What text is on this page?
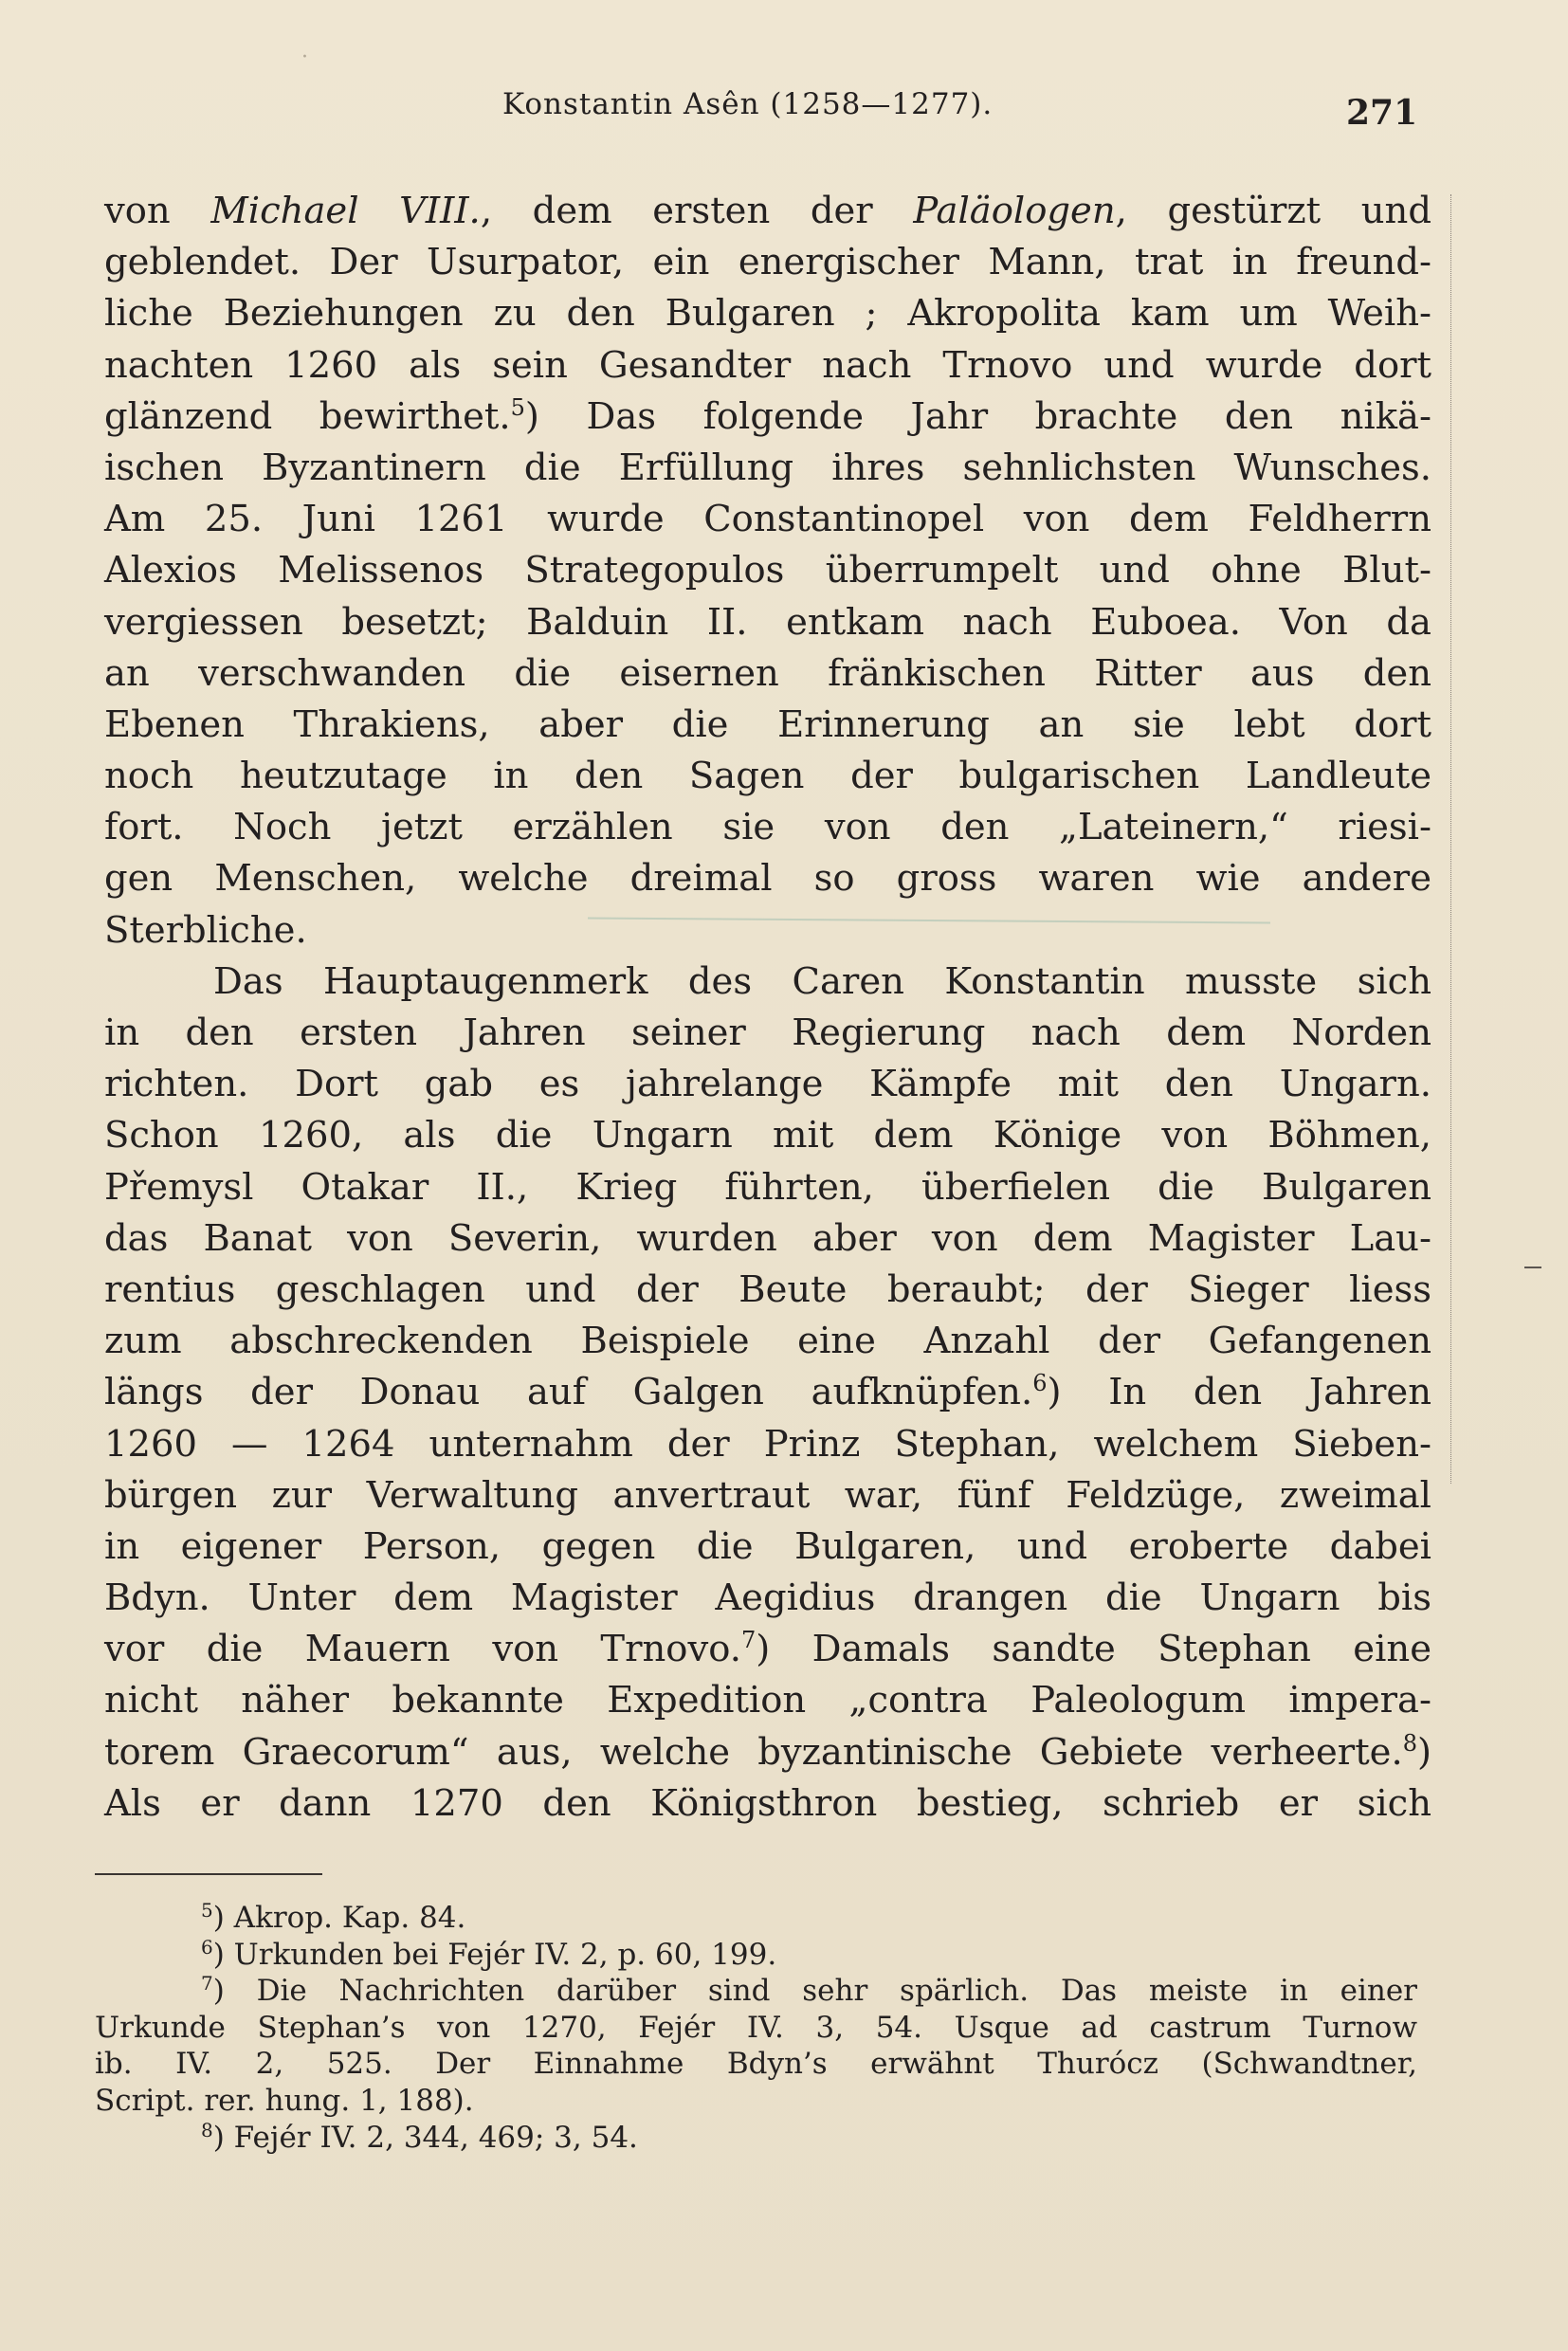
·
Konstantin Asên (1258—1277).	271
von Michael VIII., dem ersten der Paläologen, gestürzt und
geblendet. Der Usurpator, ein energischer Mann, trat in freund-
liche Beziehungen zu den Bulgaren ; Akropolita kam um Weih-
nachten 1260 als sein Gesandter nach Trnovo und wurde dort
glänzend bewirthet.$^5$) Das folgende Jahr brachte den nikä-
ischen Byzantinern die Erfüllung ihres sehnlichsten Wunsches.
Am 25. Juni 1261 wurde Constantinopel von dem Feldherrn
Alexios Melissenos Strategopulos überrumpelt und ohne Blut-
vergiessen besetzt; Balduin II. entkam nach Euboea. Von da
an verschwanden die eisernen fränkischen Ritter aus den
Ebenen Thrakiens, aber die Erinnerung an sie lebt dort
noch heutzutage in den Sagen der bulgarischen Landleute
fort. Noch jetzt erzählen sie von den „Lateinern,“ riesi-
gen Menschen, welche dreimal so gross waren wie andere
Sterbliche.
Das Hauptaugenmerk des Caren Konstantin musste sich
in den ersten Jahren seiner Regierung nach dem Norden
richten. Dort gab es jahrelange Kämpfe mit den Ungarn.
Schon 1260, als die Ungarn mit dem Könige von Böhmen,
Přemysl Otakar II., Krieg führten, überfielen die Bulgaren
das Banat von Severin, wurden aber von dem Magister Lau-
rentius geschlagen und der Beute beraubt; der Sieger liess
zum abschreckenden Beispiele eine Anzahl der Gefangenen
längs der Donau auf Galgen aufknüpfen.$^6$) In den Jahren
1260 — 1264 unternahm der Prinz Stephan, welchem Sieben-
bürgen zur Verwaltung anvertraut war, fünf Feldzüge, zweimal
in eigener Person, gegen die Bulgaren, und eroberte dabei
Bdyn. Unter dem Magister Aegidius drangen die Ungarn bis
vor die Mauern von Trnovo.$^7$) Damals sandte Stephan eine
nicht näher bekannte Expedition „contra Paleologum impera-
torem Graecorum“ aus, welche byzantinische Gebiete verheerte.$^8$)
Als er dann 1270 den Königsthron bestieg, schrieb er sich
$^5$) Akrop. Kap. 84.
$^6$) Urkunden bei Fejér IV. 2, p. 60, 199.
$^7$) Die Nachrichten darüber sind sehr spärlich. Das meiste in einer
Urkunde Stephan’s von 1270, Fejér IV. 3, 54. Usque ad castrum Turnow
ib. IV. 2, 525. Der Einnahme Bdyn’s erwähnt Thurócz (Schwandtner,
Script. rer. hung. 1, 188).
$^8$) Fejér IV. 2, 344, 469; 3, 54.
